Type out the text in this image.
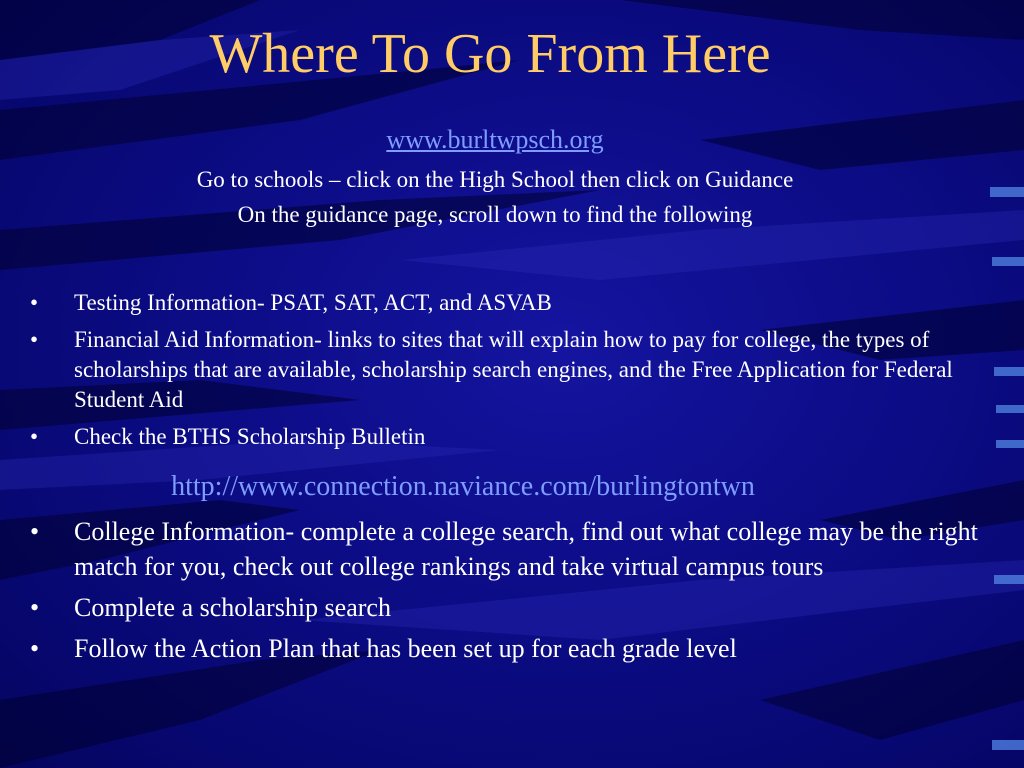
Where To Go From Here
www.burltwpsch.org
Go to schools – click on the High School then click on Guidance
On the guidance page, scroll down to find the following
• Testing Information- PSAT, SAT, ACT, and ASVAB
• Financial Aid Information- links to sites that will explain how to pay for college, the types of scholarships that are available, scholarship search engines, and the Free Application for Federal Student Aid
• Check the BTHS Scholarship Bulletin
http://www.connection.naviance.com/burlingtontwn
• College Information- complete a college search, find out what college may be the right match for you, check out college rankings and take virtual campus tours
• Complete a scholarship search
• Follow the Action Plan that has been set up for each grade level
